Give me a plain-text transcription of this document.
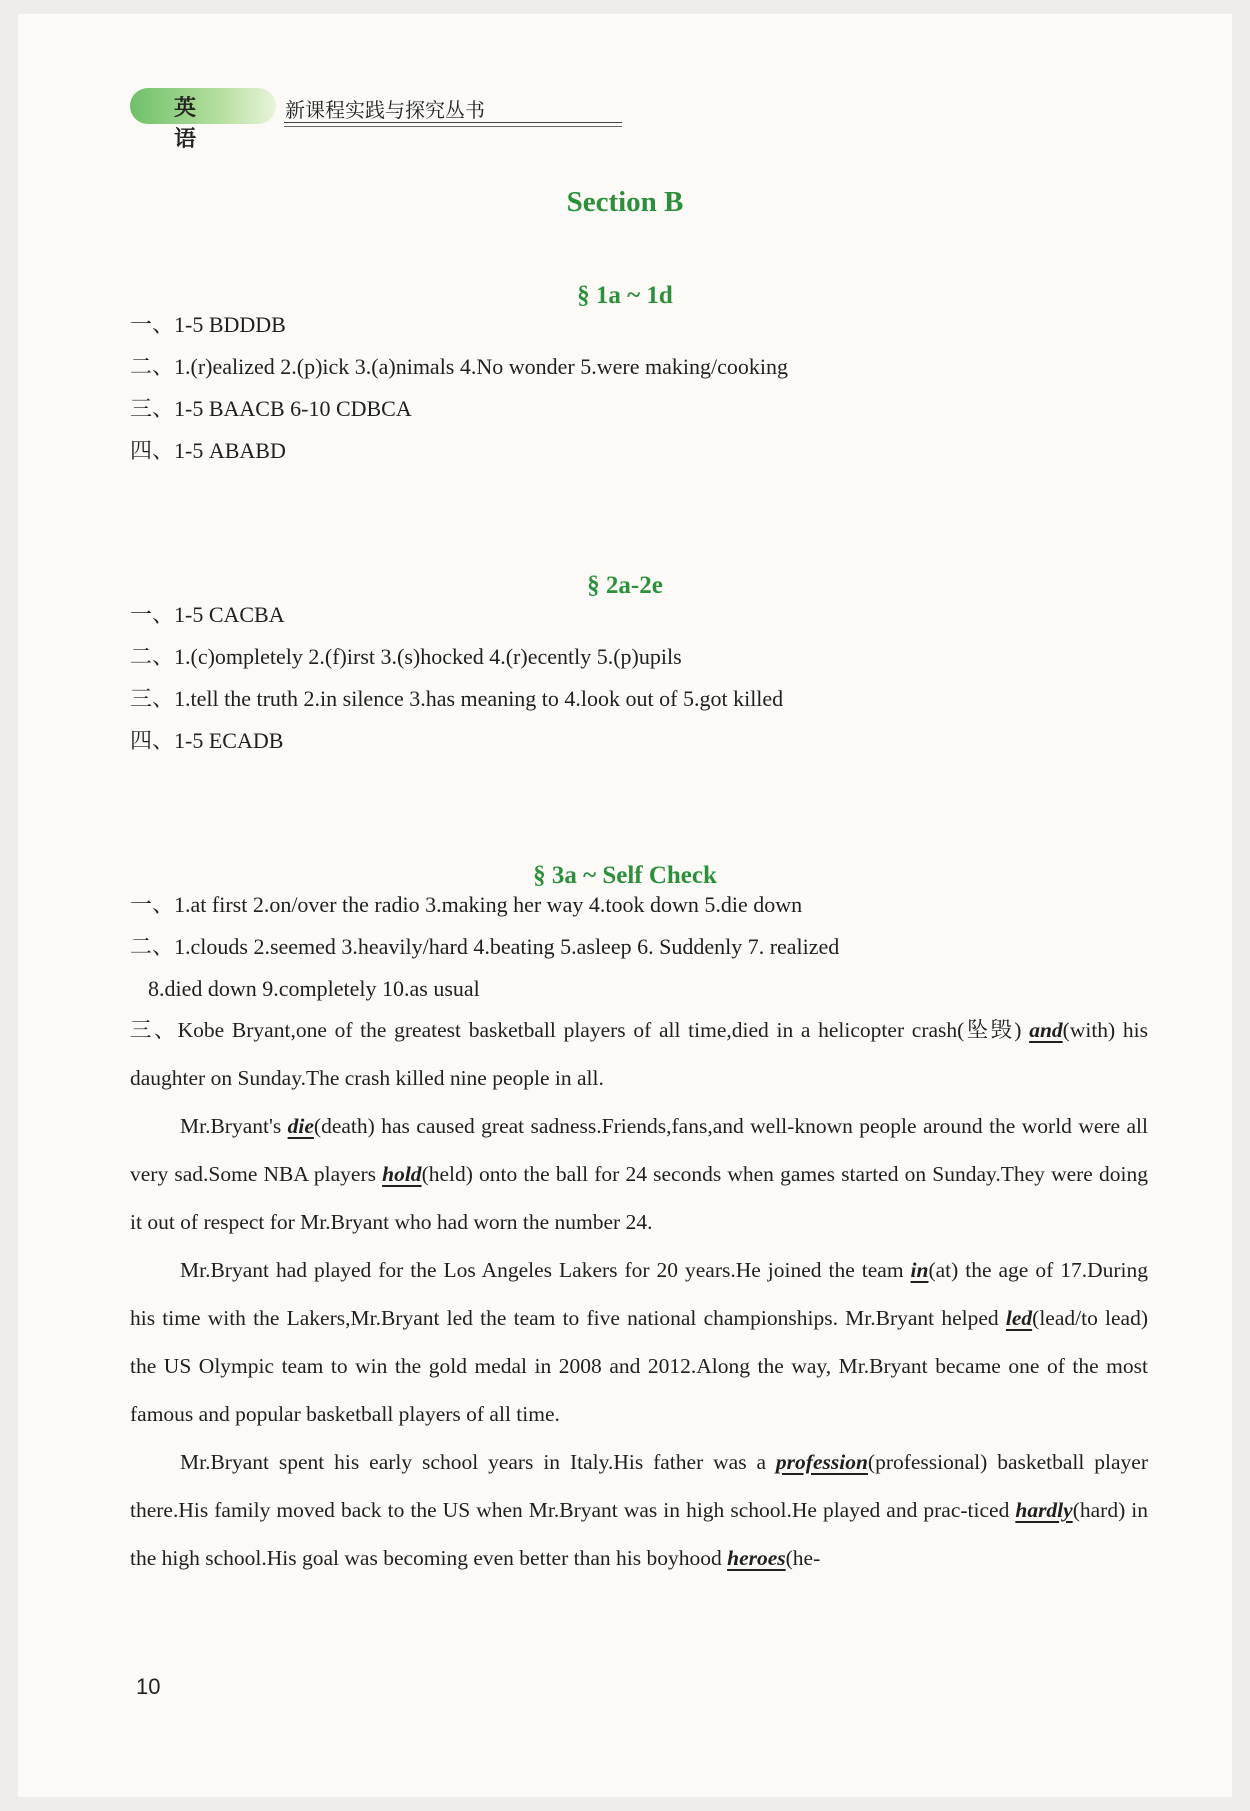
英语
新课程实践与探究丛书
Section B
§ 1a ~ 1d
一、1-5 BDDDB
二、1.(r)ealized 2.(p)ick 3.(a)nimals 4.No wonder 5.were making/cooking
三、1-5 BAACB 6-10 CDBCA
四、1-5 ABABD
§ 2a-2e
一、1-5 CACBA
二、1.(c)ompletely 2.(f)irst 3.(s)hocked 4.(r)ecently 5.(p)upils
三、1.tell the truth 2.in silence 3.has meaning to 4.look out of 5.got killed
四、1-5 ECADB
§ 3a ~ Self Check
一、1.at first 2.on/over the radio 3.making her way 4.took down 5.die down
二、1.clouds 2.seemed 3.heavily/hard 4.beating 5.asleep 6. Suddenly 7. realized
8.died down 9.completely 10.as usual
三、Kobe Bryant,one of the greatest basketball players of all time,died in a helicopter crash(坠毁) and(with) his daughter on Sunday.The crash killed nine people in all.
Mr.Bryant's die(death) has caused great sadness.Friends,fans,and well-known people around the world were all very sad.Some NBA players hold(held) onto the ball for 24 seconds when games started on Sunday.They were doing it out of respect for Mr.Bryant who had worn the number 24.
Mr.Bryant had played for the Los Angeles Lakers for 20 years.He joined the team in(at) the age of 17.During his time with the Lakers,Mr.Bryant led the team to five national championships. Mr.Bryant helped led(lead/to lead) the US Olympic team to win the gold medal in 2008 and 2012.Along the way, Mr.Bryant became one of the most famous and popular basketball players of all time.
Mr.Bryant spent his early school years in Italy.His father was a profession(professional) basketball player there.His family moved back to the US when Mr.Bryant was in high school.He played and prac-ticed hardly(hard) in the high school.His goal was becoming even better than his boyhood heroes(he-
10
